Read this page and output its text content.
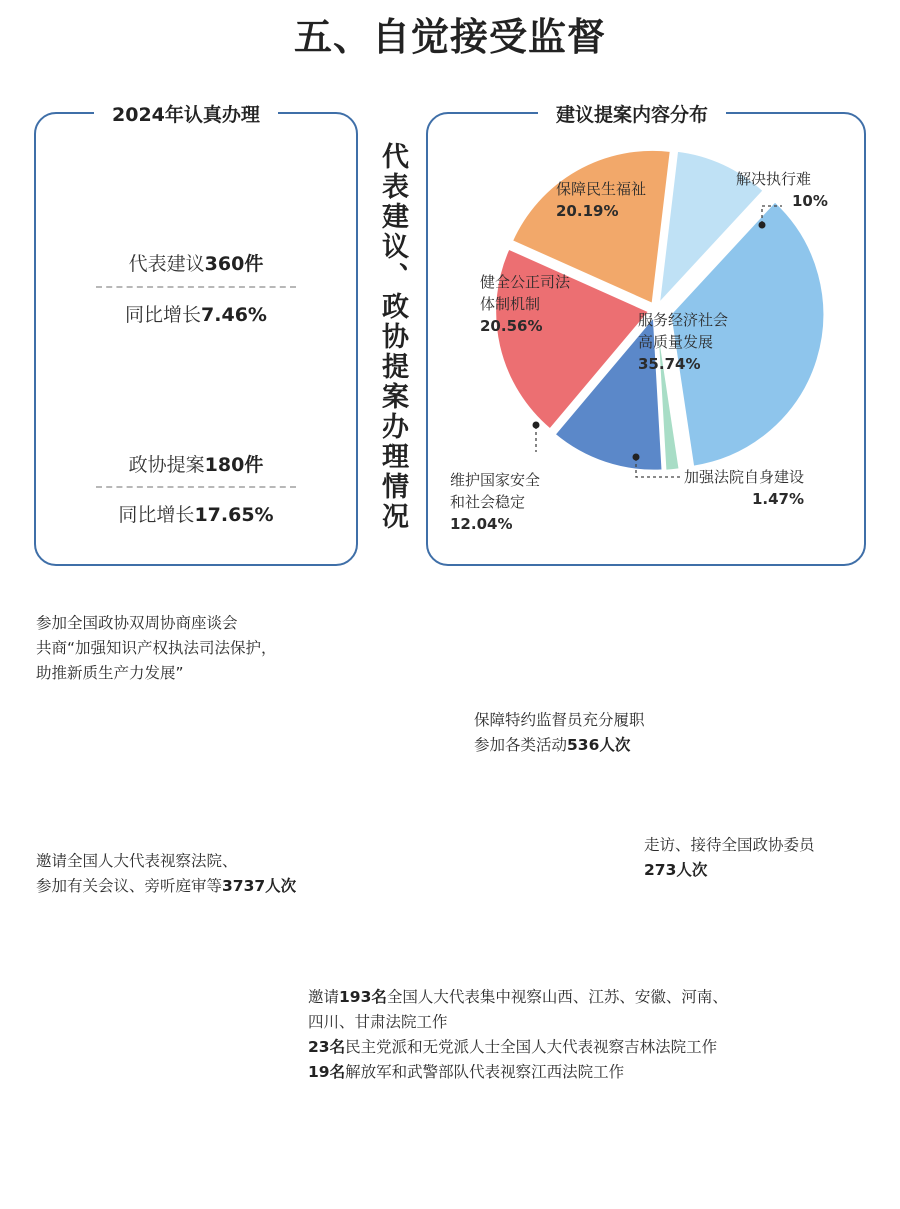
五、自觉接受监督
2024年认真办理
代表建议360件
同比增长7.46%
政协提案180件
同比增长17.65%	代表建议、政协提案办理情况
建议提案内容分布
保障民生福祉
20.19%
解决执行难
10%
服务经济社会
高质量发展
35.74%
加强法院自身建设
1.47%
维护国家安全
和社会稳定
12.04%
健全公正司法
体制机制
20.56%
参加全国政协双周协商座谈会
共商“加强知识产权执法司法保护，
助推新质生产力发展”
保障特约监督员充分履职
参加各类活动536人次
邀请全国人大代表视察法院、
参加有关会议、旁听庭审等3737人次
走访、接待全国政协委员
273人次
邀请193名全国人大代表集中视察山西、江苏、安徽、河南、
四川、甘肃法院工作
23名民主党派和无党派人士全国人大代表视察吉林法院工作
19名解放军和武警部队代表视察江西法院工作
